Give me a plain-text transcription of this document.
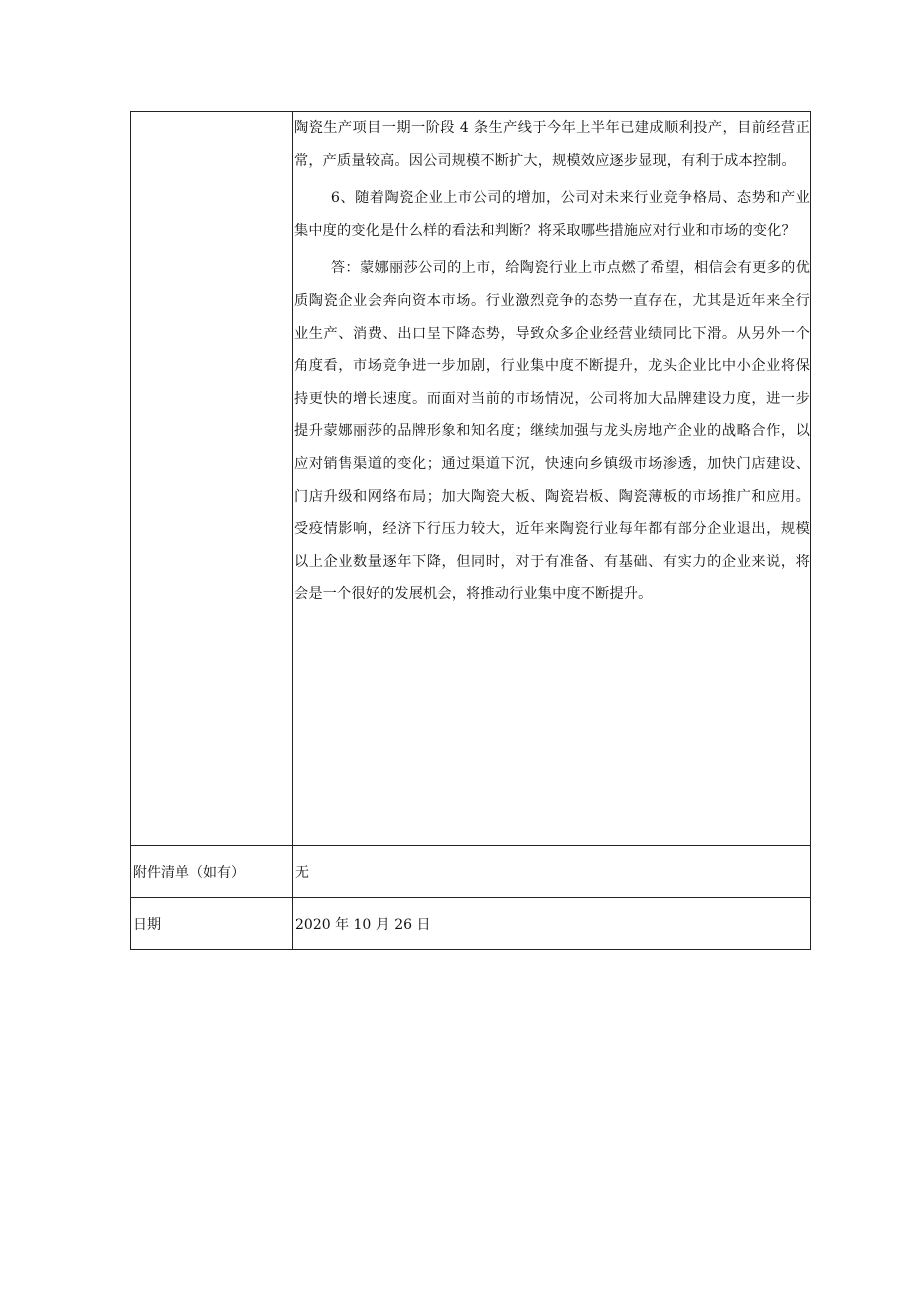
	陶瓷生产项目一期一阶段 4 条生产线于今年上半年已建成顺利投产，目前经营正常，产质量较高。因公司规模不断扩大，规模效应逐步显现，有利于成本控制。

6、随着陶瓷企业上市公司的增加，公司对未来行业竞争格局、态势和产业集中度的变化是什么样的看法和判断？将采取哪些措施应对行业和市场的变化？

答：蒙娜丽莎公司的上市，给陶瓷行业上市点燃了希望，相信会有更多的优质陶瓷企业会奔向资本市场。行业激烈竞争的态势一直存在，尤其是近年来全行业生产、消费、出口呈下降态势，导致众多企业经营业绩同比下滑。从另外一个角度看，市场竞争进一步加剧，行业集中度不断提升，龙头企业比中小企业将保持更快的增长速度。而面对当前的市场情况，公司将加大品牌建设力度，进一步提升蒙娜丽莎的品牌形象和知名度；继续加强与龙头房地产企业的战略合作，以应对销售渠道的变化；通过渠道下沉，快速向乡镇级市场渗透，加快门店建设、门店升级和网络布局；加大陶瓷大板、陶瓷岩板、陶瓷薄板的市场推广和应用。受疫情影响，经济下行压力较大，近年来陶瓷行业每年都有部分企业退出，规模以上企业数量逐年下降，但同时，对于有准备、有基础、有实力的企业来说，将会是一个很好的发展机会，将推动行业集中度不断提升。

附件清单（如有）	无
日期	2020 年 10 月 26 日
